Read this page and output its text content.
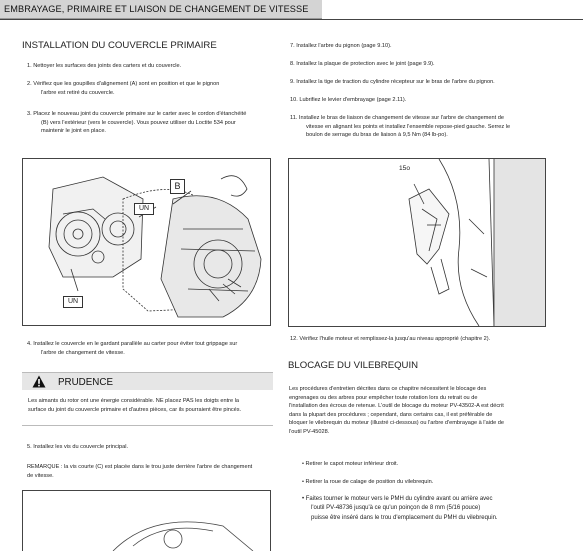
EMBRAYAGE, PRIMAIRE ET LIAISON DE CHANGEMENT DE VITESSE
INSTALLATION DU COUVERCLE PRIMAIRE
1. Nettoyer les surfaces des joints des carters et du couvercle.

2. Vérifiez que les goupilles d'alignement (A) sont en position et que le pignon

l'arbre est retiré du couvercle.

3. Placez le nouveau joint du couvercle primaire sur le carter avec le cordon d'étanchéité

(B) vers l'extérieur (vers le couvercle). Vous pouvez utiliser du Loctite 534 pour

maintenir le joint en place.

B
UN
UN

4. Installez le couvercle en le gardant parallèle au carter pour éviter tout grippage sur

l'arbre de changement de vitesse.

PRUDENCE

Les aimants du rotor ont une énergie considérable. NE placez PAS les doigts entre la

surface du joint du couvercle primaire et d'autres pièces, car ils pourraient être pincés.

5. Installez les vis du couvercle principal.

REMARQUE : la vis courte (C) est placée dans le trou juste derrière l'arbre de changement

de vitesse.

7. Installez l'arbre du pignon (page 9.10).
8. Installez la plaque de protection avec le joint (page 9.9).
9. Installez la tige de traction du cylindre récepteur sur le bras de l'arbre du pignon.
10. Lubrifiez le levier d'embrayage (page 2.11).

11. Installez le bras de liaison de changement de vitesse sur l'arbre de changement de

vitesse en alignant les points et installez l'ensemble repose-pied gauche. Serrez le

boulon de serrage du bras de liaison à 9,5 Nm (84 lb-po).

15o
12. Vérifiez l'huile moteur et remplissez-la jusqu'au niveau approprié (chapitre 2).
BLOCAGE DU VILEBREQUIN

Les procédures d'entretien décrites dans ce chapitre nécessitent le blocage des

engrenages ou des arbres pour empêcher toute rotation lors du retrait ou de

l'installation des écrous de retenue. L'outil de blocage du moteur PV-43502-A est décrit

dans la plupart des procédures ; cependant, dans certains cas, il est préférable de

bloquer le vilebrequin du moteur (illustré ci-dessous) ou l'arbre d'embrayage à l'aide de

l'outil PV-45028.

• Retirer le capot moteur inférieur droit.
• Retirer la roue de calage de position du vilebrequin.

• Faites tourner le moteur vers le PMH du cylindre avant ou arrière avec

l'outil PV-48736 jusqu'à ce qu'un poinçon de 8 mm (5/16 pouce)

puisse être inséré dans le trou d'emplacement du PMH du vilebrequin.
